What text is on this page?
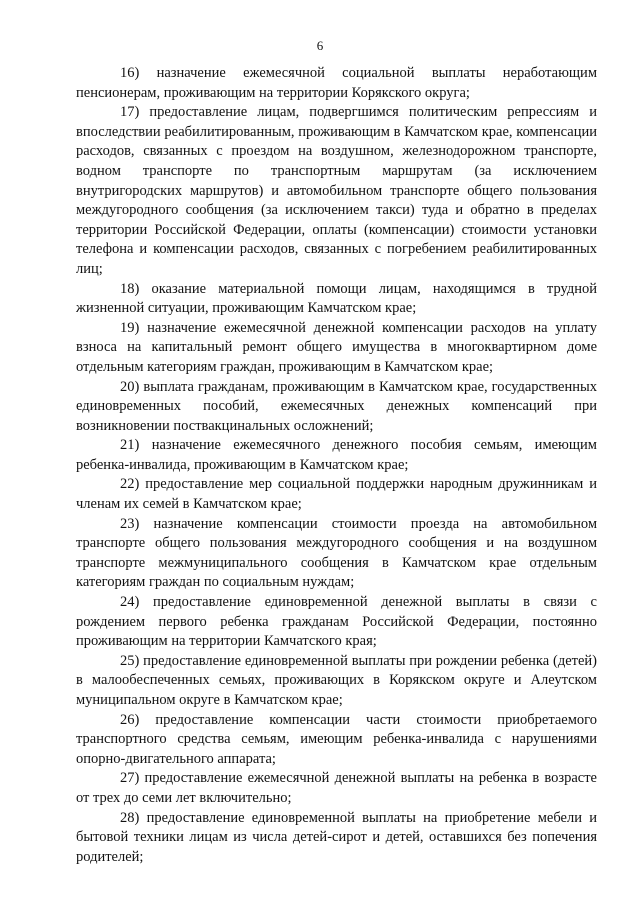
6

16) назначение ежемесячной социальной выплаты неработающим пенсионерам, проживающим на территории Корякского округа;

17) предоставление лицам, подвергшимся политическим репрессиям и впоследствии реабилитированным, проживающим в Камчатском крае, компенсации расходов, связанных с проездом на воздушном, железнодорожном транспорте, водном транспорте по транспортным маршрутам (за исключением внутригородских маршрутов) и автомобильном транспорте общего пользования междугородного сообщения (за исключением такси) туда и обратно в пределах территории Российской Федерации, оплаты (компенсации) стоимости установки телефона и компенсации расходов, связанных с погребением реабилитированных лиц;

18) оказание материальной помощи лицам, находящимся в трудной жизненной ситуации, проживающим Камчатском крае;

19) назначение ежемесячной денежной компенсации расходов на уплату взноса на капитальный ремонт общего имущества в многоквартирном доме отдельным категориям граждан, проживающим в Камчатском крае;

20) выплата гражданам, проживающим в Камчатском крае, государственных единовременных пособий, ежемесячных денежных компенсаций при возникновении поствакцинальных осложнений;

21) назначение ежемесячного денежного пособия семьям, имеющим ребенка-инвалида, проживающим в Камчатском крае;

22) предоставление мер социальной поддержки народным дружинникам и членам их семей в Камчатском крае;

23) назначение компенсации стоимости проезда на автомобильном транспорте общего пользования междугородного сообщения и на воздушном транспорте межмуниципального сообщения в Камчатском крае отдельным категориям граждан по социальным нуждам;

24) предоставление единовременной денежной выплаты в связи с рождением первого ребенка гражданам Российской Федерации, постоянно проживающим на территории Камчатского края;

25) предоставление единовременной выплаты при рождении ребенка (детей) в малообеспеченных семьях, проживающих в Корякском округе и Алеутском муниципальном округе в Камчатском крае;

26) предоставление компенсации части стоимости приобретаемого транспортного средства семьям, имеющим ребенка-инвалида с нарушениями опорно-двигательного аппарата;

27) предоставление ежемесячной денежной выплаты на ребенка в возрасте от трех до семи лет включительно;

28) предоставление единовременной выплаты на приобретение мебели и бытовой техники лицам из числа детей-сирот и детей, оставшихся без попечения родителей;
